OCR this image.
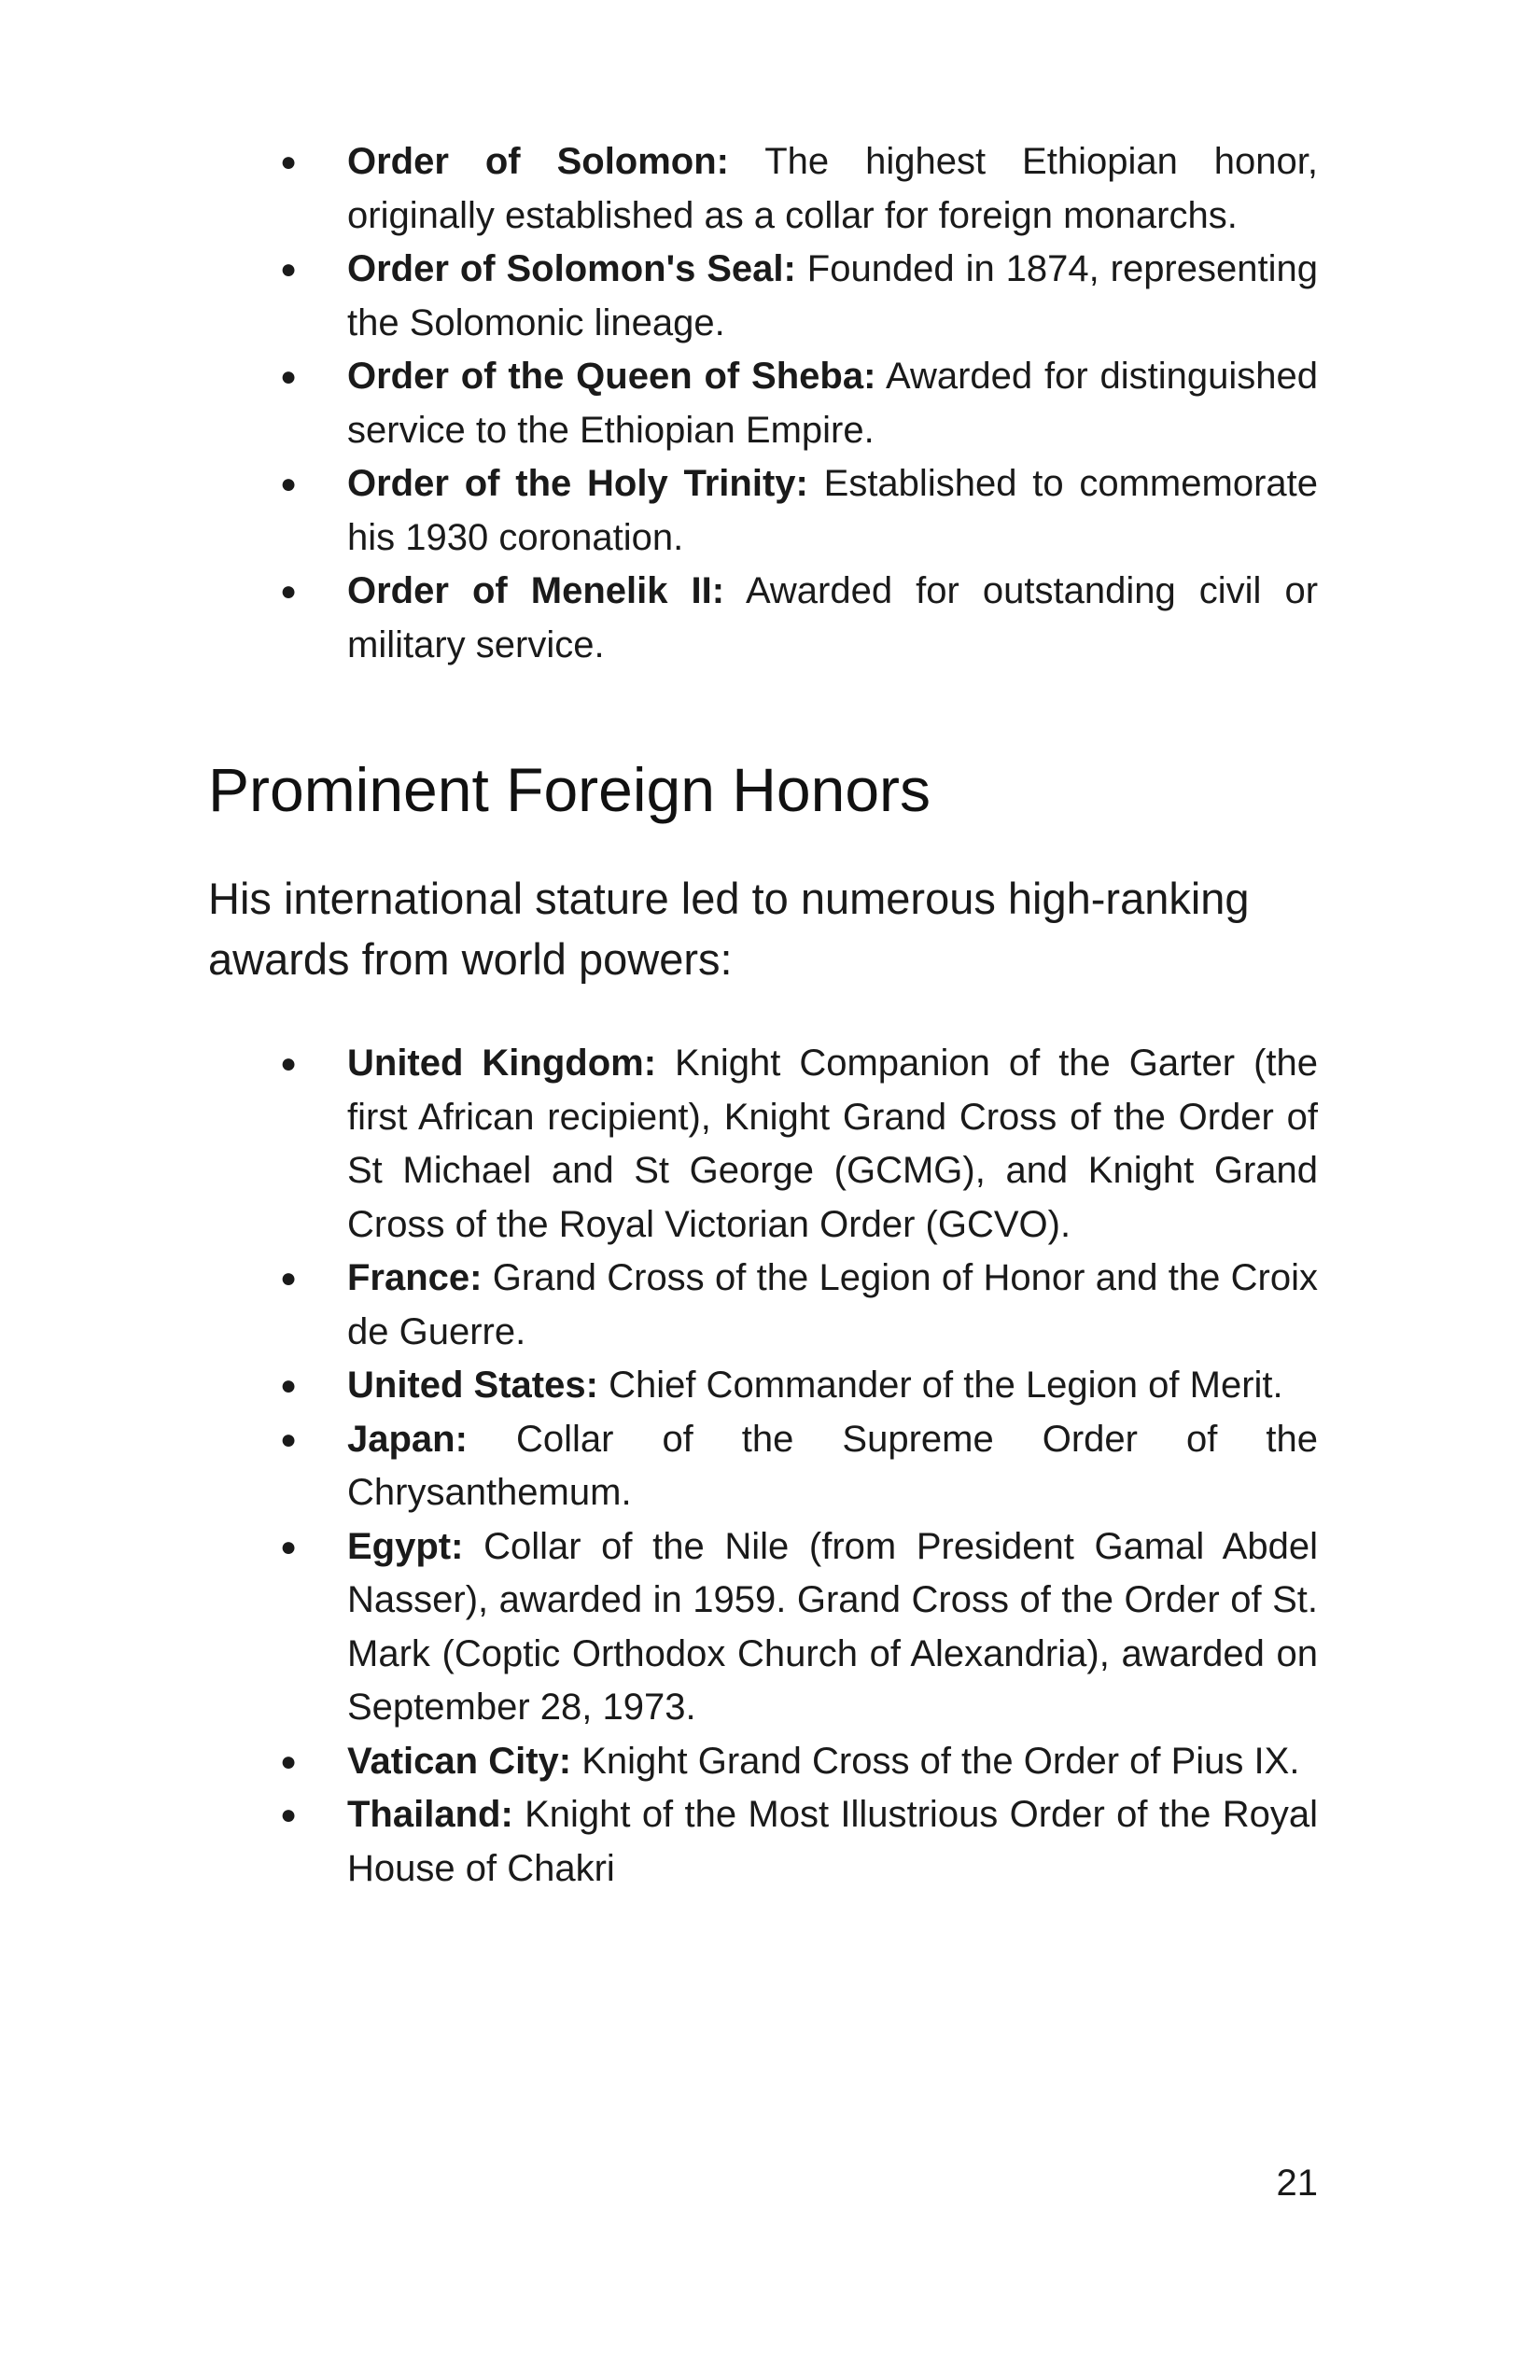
●	Order of Solomon: The highest Ethiopian honor, originally established as a collar for foreign monarchs.
●	Order of Solomon's Seal: Founded in 1874, representing the Solomonic lineage.
●	Order of the Queen of Sheba: Awarded for distinguished service to the Ethiopian Empire.
●	Order of the Holy Trinity: Established to commemorate his 1930 coronation.
●	Order of Menelik II: Awarded for outstanding civil or military service.
Prominent Foreign Honors

His international stature led to numerous high-ranking awards from world powers:

●	United Kingdom: Knight Companion of the Garter (the first African recipient), Knight Grand Cross of the Order of St Michael and St George (GCMG), and Knight Grand Cross of the Royal Victorian Order (GCVO).
●	France: Grand Cross of the Legion of Honor and the Croix de Guerre.
●	United States: Chief Commander of the Legion of Merit.
●	Japan: Collar of the Supreme Order of the Chrysanthemum.
●	Egypt: Collar of the Nile (from President Gamal Abdel Nasser), awarded in 1959. Grand Cross of the Order of St. Mark (Coptic Orthodox Church of Alexandria), awarded on September 28, 1973.
●	Vatican City: Knight Grand Cross of the Order of Pius IX.
●	Thailand: Knight of the Most Illustrious Order of the Royal House of Chakri

21
